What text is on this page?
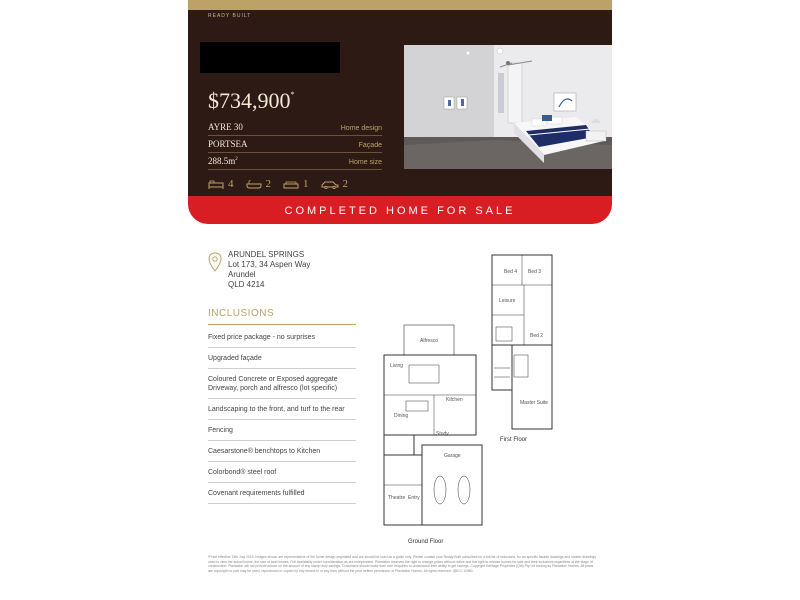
READY BUILT
$734,900*
AYRE 30	Home design
PORTSEA	Façade
$288.5m^2$	Home size
4	2	1	2
COMPLETED HOME FOR SALE
ARUNDEL SPRINGS
Lot 173, 34 Aspen Way
Arundel
QLD 4214
INCLUSIONS
Fixed price package - no surprises
Upgraded façade
Coloured Concrete or Exposed aggregate
Driveway, porch and alfresco (lot specific)
Landscaping to the front, and turf to the rear
Fencing
Caesarstone® benchtops to Kitchen
Colorbond® steel roof
Covenant requirements fulfilled
Bed 4 Bed 3
Leisure
Bed 2
Master Suite
First Floor
Alfresco
Living
Kitchen
Dining
Study
Garage
Theatre Entry
Ground Floor
*Price effective 15th July 2019. Images shown are representative of the home design originated and are should be used as a guide only. Please contact your Ready Built consultant for a full list of inclusions, for an specific facade drawings and master drawings used to view the actual house, the size of land homes. Full availability under consideration as are independent. Plantation reserves the right to change prices without notice and the right to release homes for sale and their inclusions regardless of the stage of construction. Plantation will not provide advice on the amount of any stamp duty savings. Customers should make their own enquiries to understand their ability to get savings. Copyright Heritage Properties (Qld) Pty Ltd trading as Plantation Homes. All plans are copyright no part may be used, reproduced or copied by any means in or any form without the prior written permission of Plantation Homes. All rights reserved. QBCC 11960.
